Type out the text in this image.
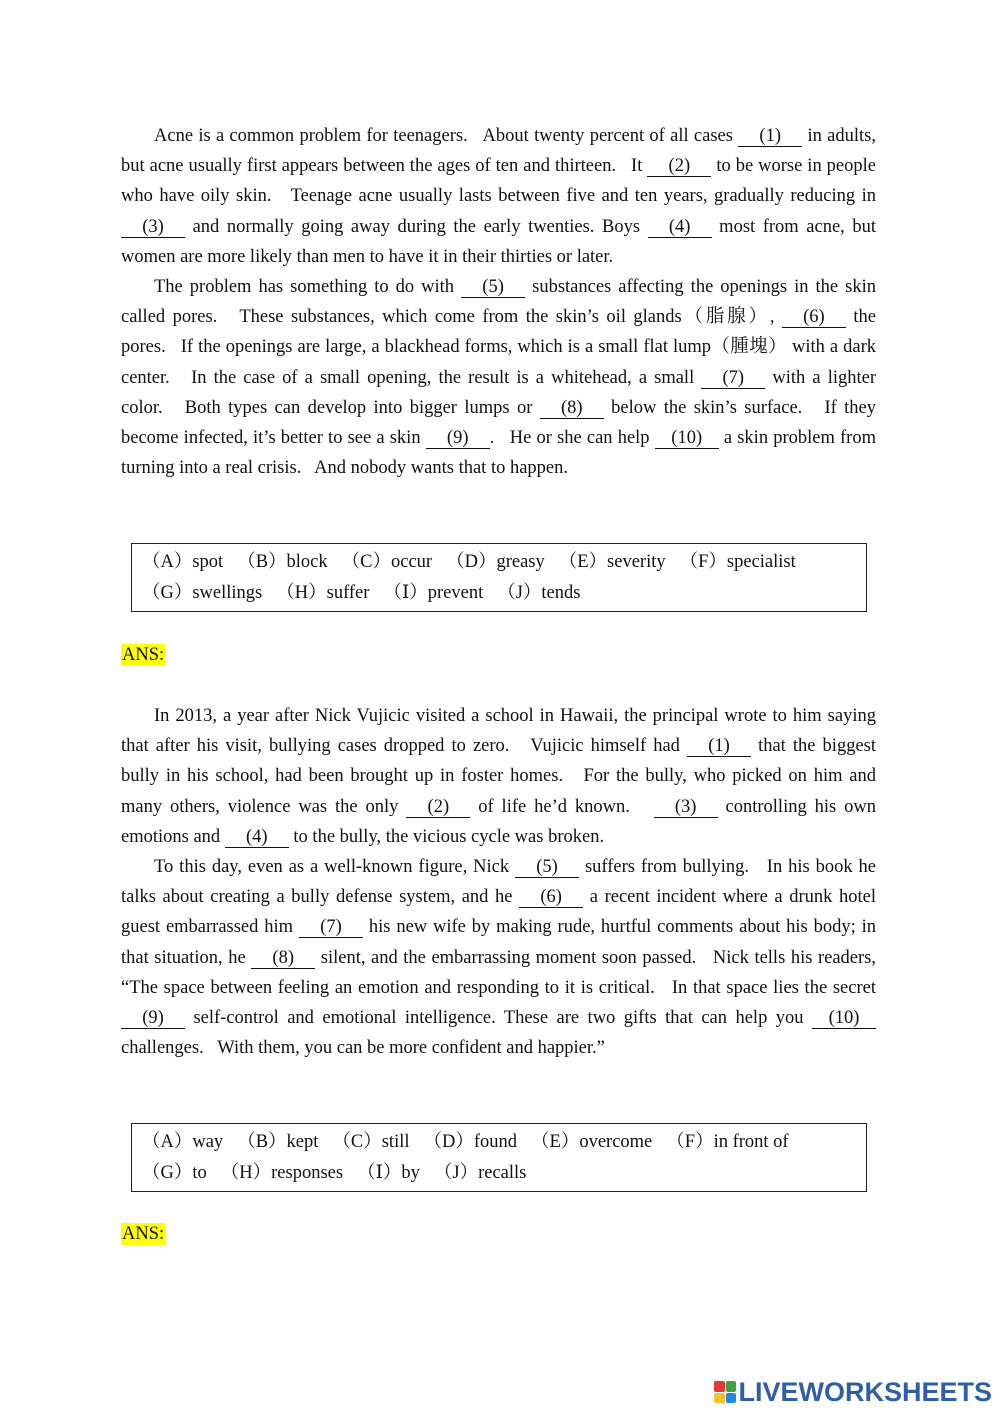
Acne is a common problem for teenagers.   About twenty percent of all cases (1) in adults, but acne usually first appears between the ages of ten and thirteen.   It (2) to be worse in people who have oily skin.   Teenage acne usually lasts between five and ten years, gradually reducing in (3) and normally going away during the early twenties. Boys (4) most from acne, but women are more likely than men to have it in their thirties or later.

The problem has something to do with (5) substances affecting the openings in the skin called pores.   These substances, which come from the skin’s oil glands（脂腺）, (6) the pores.   If the openings are large, a blackhead forms, which is a small flat lump（腫塊） with a dark center.   In the case of a small opening, the result is a whitehead, a small (7) with a lighter color.   Both types can develop into bigger lumps or (8) below the skin’s surface.   If they become infected, it’s better to see a skin (9) .   He or she can help (10) a skin problem from turning into a real crisis.   And nobody wants that to happen.

（A）spot （B）block （C）occur （D）greasy （E）severity （F）specialist
（G）swellings （H）suffer （Ⅰ）prevent （J）tends
ANS:

In 2013, a year after Nick Vujicic visited a school in Hawaii, the principal wrote to him saying that after his visit, bullying cases dropped to zero.   Vujicic himself had (1) that the biggest bully in his school, had been brought up in foster homes.   For the bully, who picked on him and many others, violence was the only (2) of life he’d known.   (3) controlling his own emotions and (4) to the bully, the vicious cycle was broken.

To this day, even as a well-known figure, Nick (5) suffers from bullying.   In his book he talks about creating a bully defense system, and he (6) a recent incident where a drunk hotel guest embarrassed him (7) his new wife by making rude, hurtful comments about his body; in that situation, he (8) silent, and the embarrassing moment soon passed.   Nick tells his readers, “The space between feeling an emotion and responding to it is critical.   In that space lies the secret (9) self-control and emotional intelligence. These are two gifts that can help you (10) challenges.   With them, you can be more confident and happier.”

（A）way （B）kept （C）still （D）found （E）overcome （F）in front of
（G）to （H）responses （Ⅰ）by （J）recalls
ANS:
LIVEWORKSHEETS
